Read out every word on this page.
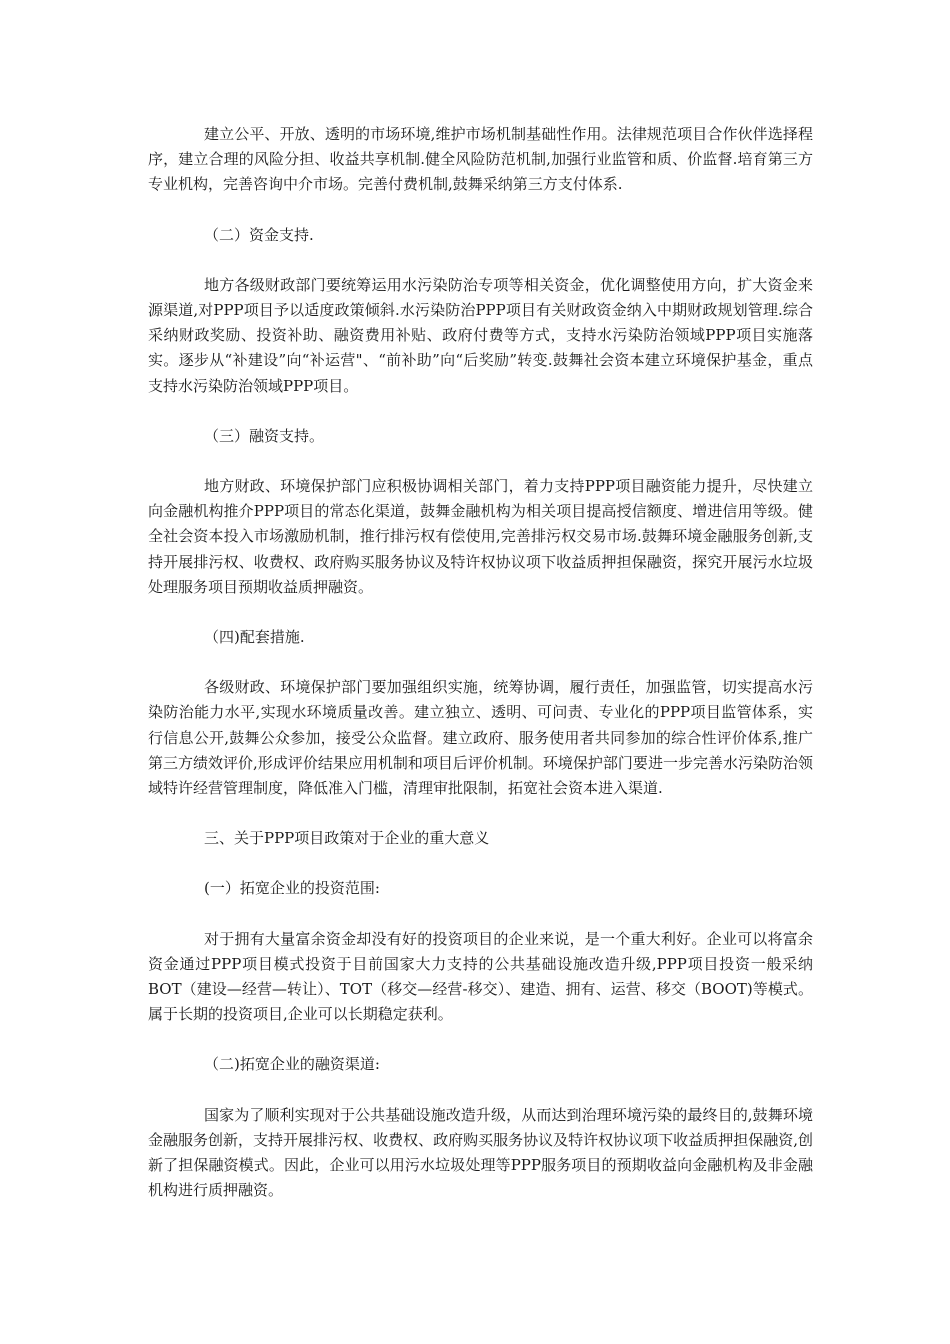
建立公平、开放、透明的市场环境,维护市场机制基础性作用。法律规范项目合作伙伴选择程序，建立合理的风险分担、收益共享机制.健全风险防范机制,加强行业监管和质、价监督.培育第三方专业机构，完善咨询中介市场。完善付费机制,鼓舞采纳第三方支付体系.

（二）资金支持.

地方各级财政部门要统筹运用水污染防治专项等相关资金，优化调整使用方向，扩大资金来源渠道,对PPP项目予以适度政策倾斜.水污染防治PPP项目有关财政资金纳入中期财政规划管理.综合采纳财政奖励、投资补助、融资费用补贴、政府付费等方式，支持水污染防治领域PPP项目实施落实。逐步从“补建设”向“补运营"、“前补助”向“后奖励”转变.鼓舞社会资本建立环境保护基金，重点支持水污染防治领域PPP项目。

（三）融资支持。

地方财政、环境保护部门应积极协调相关部门，着力支持PPP项目融资能力提升，尽快建立向金融机构推介PPP项目的常态化渠道，鼓舞金融机构为相关项目提高授信额度、增进信用等级。健全社会资本投入市场激励机制，推行排污权有偿使用,完善排污权交易市场.鼓舞环境金融服务创新,支持开展排污权、收费权、政府购买服务协议及特许权协议项下收益质押担保融资，探究开展污水垃圾处理服务项目预期收益质押融资。

（四)配套措施.

各级财政、环境保护部门要加强组织实施，统筹协调，履行责任，加强监管，切实提高水污染防治能力水平,实现水环境质量改善。建立独立、透明、可问责、专业化的PPP项目监管体系，实行信息公开,鼓舞公众参加，接受公众监督。建立政府、服务使用者共同参加的综合性评价体系,推广第三方绩效评价,形成评价结果应用机制和项目后评价机制。环境保护部门要进一步完善水污染防治领域特许经营管理制度，降低准入门槛，清理审批限制，拓宽社会资本进入渠道.

三、关于PPP项目政策对于企业的重大意义

(一）拓宽企业的投资范围:

对于拥有大量富余资金却没有好的投资项目的企业来说，是一个重大利好。企业可以将富余资金通过PPP项目模式投资于目前国家大力支持的公共基础设施改造升级,PPP项目投资一般采纳BOT（建设—经营—转让）、TOT（移交—经营-移交）、建造、拥有、运营、移交（BOOT)等模式。属于长期的投资项目,企业可以长期稳定获利。

（二)拓宽企业的融资渠道:

国家为了顺利实现对于公共基础设施改造升级，从而达到治理环境污染的最终目的,鼓舞环境金融服务创新，支持开展排污权、收费权、政府购买服务协议及特许权协议项下收益质押担保融资,创新了担保融资模式。因此，企业可以用污水垃圾处理等PPP服务项目的预期收益向金融机构及非金融机构进行质押融资。
